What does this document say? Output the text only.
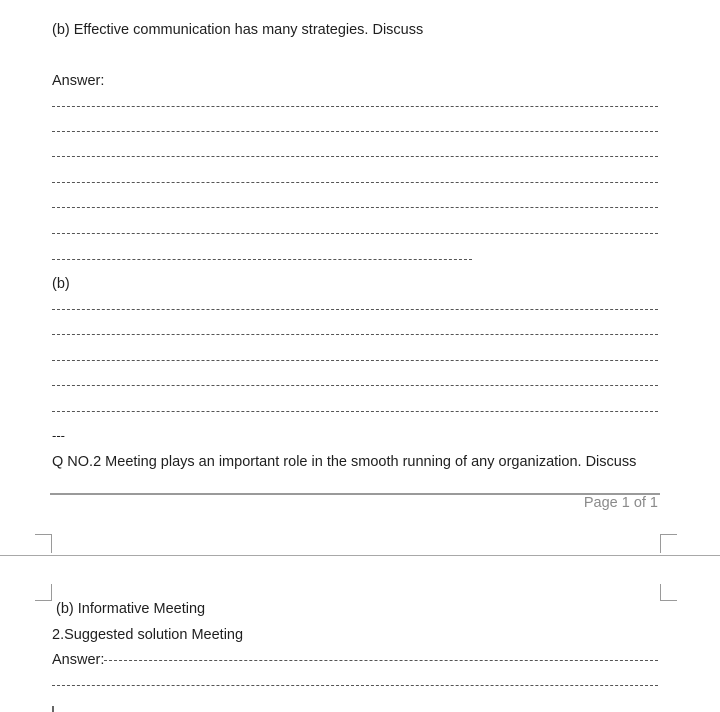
(b) Effective communication has many strategies. Discuss
Answer:
(b)
---
Q NO.2 Meeting plays an important role in the smooth running of any organization. Discuss
Page 1 of 1
(b) Informative Meeting
2.Suggested solution Meeting
Answer:
